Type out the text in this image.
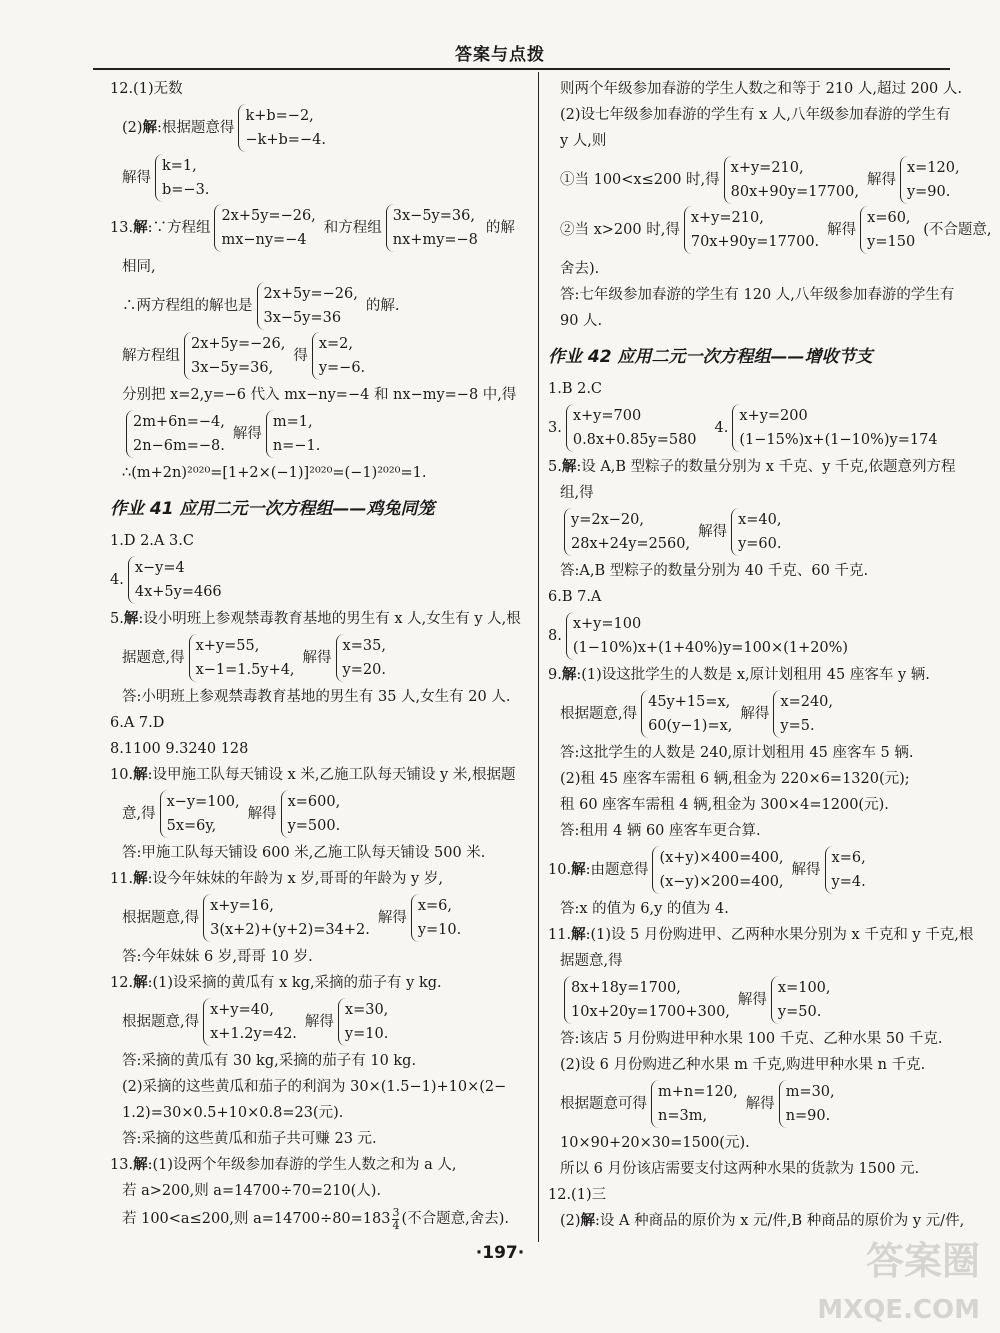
答案与点拨
12.(1)无数
(2) 解 :根据题意得
k+b=−2,
−k+b=−4.
解得
k=1,
b=−3.
13. 解 :∵方程组
2x+5y=−26,
mx−ny=−4
和方程组
3x−5y=36,
nx+my=−8
的解
相同,
∴两方程组的解也是
2x+5y=−26,
3x−5y=36
的解.
解方程组
2x+5y=−26,
3x−5y=36,
得
x=2,
y=−6.
分别把 x=2,y=−6 代入 mx−ny=−4 和 nx−my=−8 中,得
2m+6n=−4,
2n−6m=−8.
解得
m=1,
n=−1.
∴(m+2n)²⁰²⁰=[1+2×(−1)]²⁰²⁰=(−1)²⁰²⁰=1.
作业 41 应用二元一次方程组——鸡兔同笼
1.D 2.A 3.C
4.
x−y=4
4x+5y=466
5.解:设小明班上参观禁毒教育基地的男生有 x 人,女生有 y 人,根
据题意,得
x+y=55,
x−1=1.5y+4,
解得
x=35,
y=20.
答:小明班上参观禁毒教育基地的男生有 35 人,女生有 20 人.
6.A 7.D
8.1100 9.3240 128
10.解:设甲施工队每天铺设 x 米,乙施工队每天铺设 y 米,根据题
意,得
x−y=100,
5x=6y,
解得
x=600,
y=500.
答:甲施工队每天铺设 600 米,乙施工队每天铺设 500 米.
11.解:设今年妹妹的年龄为 x 岁,哥哥的年龄为 y 岁,
根据题意,得
x+y=16,
3(x+2)+(y+2)=34+2.
解得
x=6,
y=10.
答:今年妹妹 6 岁,哥哥 10 岁.
12.解:(1)设采摘的黄瓜有 x kg,采摘的茄子有 y kg.
根据题意,得
x+y=40,
x+1.2y=42.
解得
x=30,
y=10.
答:采摘的黄瓜有 30 kg,采摘的茄子有 10 kg.
(2)采摘的这些黄瓜和茄子的利润为 30×(1.5−1)+10×(2−
1.2)=30×0.5+10×0.8=23(元).
答:采摘的这些黄瓜和茄子共可赚 23 元.
13.解:(1)设两个年级参加春游的学生人数之和为 a 人,
若 a>200,则 a=14700÷70=210(人).
若 100<a≤200,则 $a=14700\div 80=183 \frac{3}{4}$ (不合题意,舍去).
则两个年级参加春游的学生人数之和等于 210 人,超过 200 人.
(2)设七年级参加春游的学生有 x 人,八年级参加春游的学生有
y 人,则
①当 100<x≤200 时,得
x+y=210,
80x+90y=17700,
解得
x=120,
y=90.
②当 x>200 时,得
x+y=210,
70x+90y=17700.
解得
x=60,
y=150
(不合题意,
舍去).
答:七年级参加春游的学生有 120 人,八年级参加春游的学生有
90 人.
作业 42 应用二元一次方程组——增收节支
1.B 2.C
3.
x+y=700
0.8x+0.85y=580
4.
x+y=200
(1−15%)x+(1−10%)y=174
5.解:设 A,B 型粽子的数量分别为 x 千克、y 千克,依题意列方程
组,得
y=2x−20,
28x+24y=2560,
解得
x=40,
y=60.
答:A,B 型粽子的数量分别为 40 千克、60 千克.
6.B 7.A
8.
x+y=100
(1−10%)x+(1+40%)y=100×(1+20%)
9.解:(1)设这批学生的人数是 x,原计划租用 45 座客车 y 辆.
根据题意,得
45y+15=x,
60(y−1)=x,
解得
x=240,
y=5.
答:这批学生的人数是 240,原计划租用 45 座客车 5 辆.
(2)租 45 座客车需租 6 辆,租金为 220×6=1320(元);
租 60 座客车需租 4 辆,租金为 300×4=1200(元).
答:租用 4 辆 60 座客车更合算.
10. 解 :由题意得
(x+y)×400=400,
(x−y)×200=400,
解得
x=6,
y=4.
答:x 的值为 6,y 的值为 4.
11.解:(1)设 5 月份购进甲、乙两种水果分别为 x 千克和 y 千克,根
据题意,得
8x+18y=1700,
10x+20y=1700+300,
解得
x=100,
y=50.
答:该店 5 月份购进甲种水果 100 千克、乙种水果 50 千克.
(2)设 6 月份购进乙种水果 m 千克,购进甲种水果 n 千克.
根据题意可得
m+n=120,
n=3m,
解得
m=30,
n=90.
10×90+20×30=1500(元).
所以 6 月份该店需要支付这两种水果的货款为 1500 元.
12.(1)三
(2)解:设 A 种商品的原价为 x 元/件,B 种商品的原价为 y 元/件,
·197·	答案圈
MXQE.COM
